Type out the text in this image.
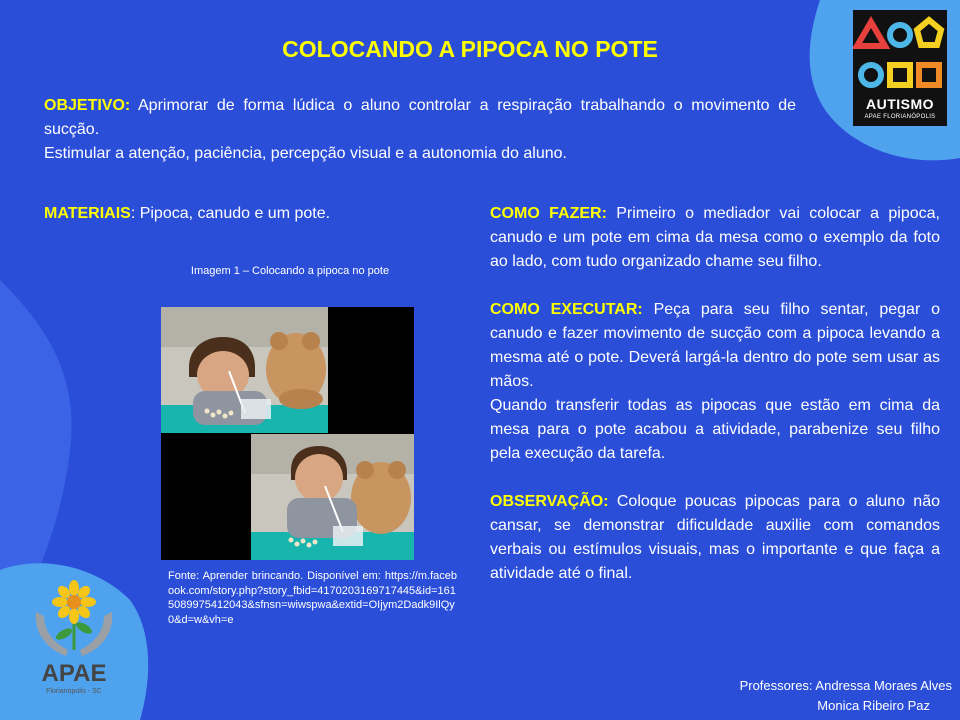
AUTISMO
APAE FLORIANÓPOLIS
COLOCANDO A PIPOCA NO POTE

OBJETIVO: Aprimorar de forma lúdica o aluno controlar a respiração trabalhando o movimento de sucção.

Estimular a atenção, paciência, percepção visual e a autonomia do aluno.

MATERIAIS: Pipoca, canudo e um pote.
Imagem 1 – Colocando a pipoca no pote
Fonte: Aprender brincando. Disponível em: https://m.facebook.com/story.php?story_fbid=4170203169717445&id=1615089975412043&sfnsn=wiwspwa&extid=OIjym2Dadk9IlQy0&d=w&vh=e

COMO FAZER: Primeiro o mediador vai colocar a pipoca, canudo e um pote em cima da mesa como o exemplo da foto ao lado, com tudo organizado chame seu filho.

COMO EXECUTAR: Peça para seu filho sentar, pegar o canudo e fazer movimento de sucção com a pipoca levando a mesma até o pote. Deverá largá-la dentro do pote sem usar as mãos.

Quando transferir todas as pipocas que estão em cima da mesa para o pote acabou a atividade, parabenize seu filho pela execução da tarefa.

OBSERVAÇÃO: Coloque poucas pipocas para o aluno não cansar, se demonstrar dificuldade auxilie com comandos verbais ou estímulos visuais, mas o importante e que faça a atividade até o final.

APAE
Florianópolis - SC	Professores: Andressa Moraes Alves
Monica Ribeiro Paz
